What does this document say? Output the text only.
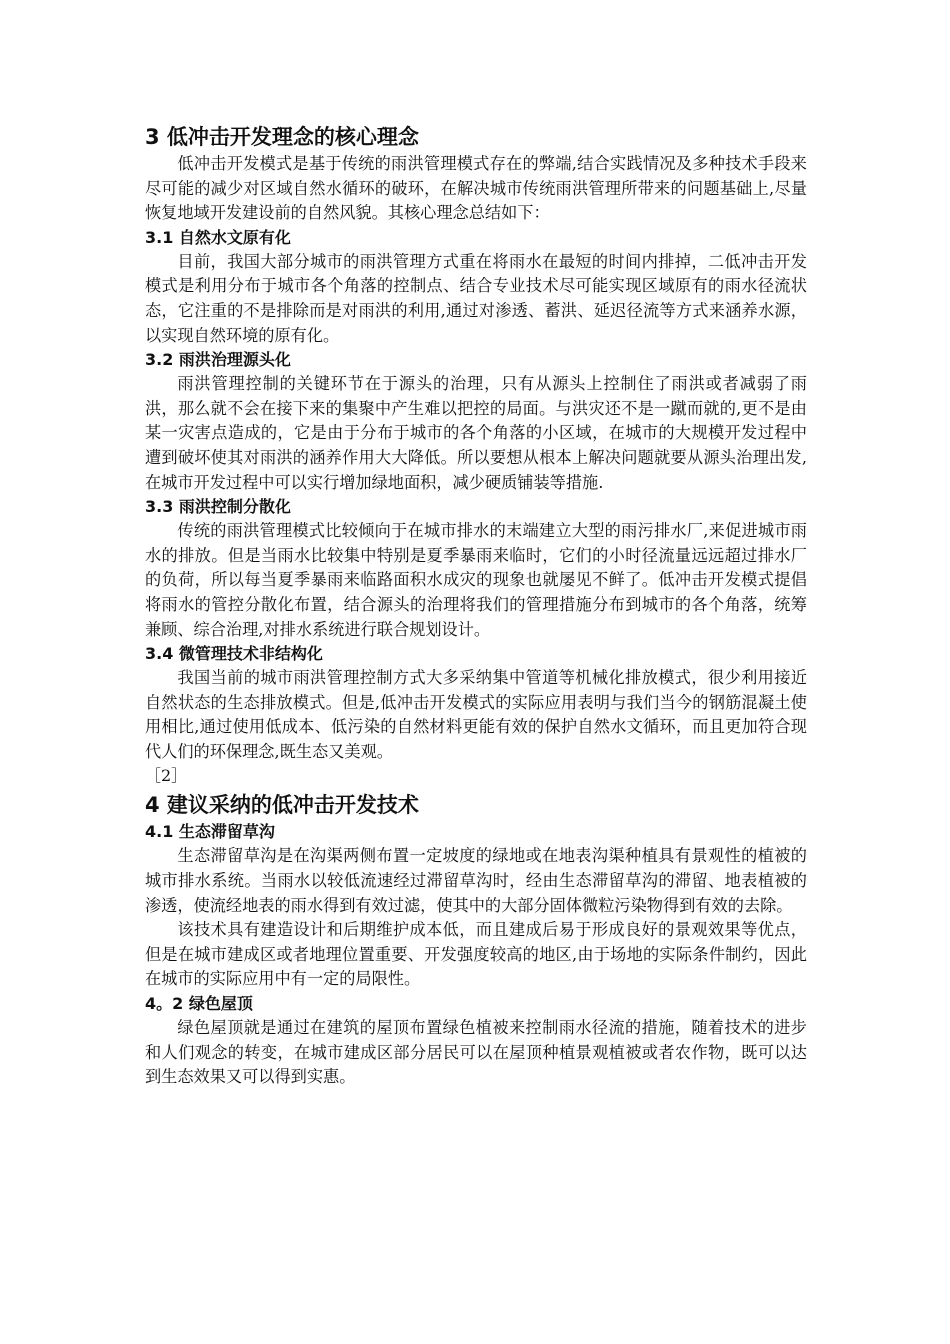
3 低冲击开发理念的核心理念

低冲击开发模式是基于传统的雨洪管理模式存在的弊端,结合实践情况及多种技术手段来尽可能的减少对区域自然水循环的破环，在解决城市传统雨洪管理所带来的问题基础上,尽量恢复地域开发建设前的自然风貌。其核心理念总结如下：

3.1 自然水文原有化

目前，我国大部分城市的雨洪管理方式重在将雨水在最短的时间内排掉，二低冲击开发模式是利用分布于城市各个角落的控制点、结合专业技术尽可能实现区域原有的雨水径流状态，它注重的不是排除而是对雨洪的利用,通过对渗透、蓄洪、延迟径流等方式来涵养水源，以实现自然环境的原有化。

3.2 雨洪治理源头化

雨洪管理控制的关键环节在于源头的治理，只有从源头上控制住了雨洪或者减弱了雨洪，那么就不会在接下来的集聚中产生难以把控的局面。与洪灾还不是一蹴而就的,更不是由某一灾害点造成的，它是由于分布于城市的各个角落的小区域，在城市的大规模开发过程中遭到破坏使其对雨洪的涵养作用大大降低。所以要想从根本上解决问题就要从源头治理出发,在城市开发过程中可以实行增加绿地面积，减少硬质铺装等措施.

3.3 雨洪控制分散化

传统的雨洪管理模式比较倾向于在城市排水的末端建立大型的雨污排水厂,来促进城市雨水的排放。但是当雨水比较集中特别是夏季暴雨来临时，它们的小时径流量远远超过排水厂的负荷，所以每当夏季暴雨来临路面积水成灾的现象也就屡见不鲜了。低冲击开发模式提倡将雨水的管控分散化布置，结合源头的治理将我们的管理措施分布到城市的各个角落，统筹兼顾、综合治理,对排水系统进行联合规划设计。

3.4 微管理技术非结构化

我国当前的城市雨洪管理控制方式大多采纳集中管道等机械化排放模式，很少利用接近自然状态的生态排放模式。但是,低冲击开发模式的实际应用表明与我们当今的钢筋混凝土使用相比,通过使用低成本、低污染的自然材料更能有效的保护自然水文循环，而且更加符合现代人们的环保理念,既生态又美观。

［2］
4 建议采纳的低冲击开发技术
4.1 生态滞留草沟

生态滞留草沟是在沟渠两侧布置一定坡度的绿地或在地表沟渠种植具有景观性的植被的城市排水系统。当雨水以较低流速经过滞留草沟时，经由生态滞留草沟的滞留、地表植被的渗透，使流经地表的雨水得到有效过滤，使其中的大部分固体微粒污染物得到有效的去除。

该技术具有建造设计和后期维护成本低，而且建成后易于形成良好的景观效果等优点，但是在城市建成区或者地理位置重要、开发强度较高的地区,由于场地的实际条件制约，因此在城市的实际应用中有一定的局限性。

4。2 绿色屋顶

绿色屋顶就是通过在建筑的屋顶布置绿色植被来控制雨水径流的措施，随着技术的进步和人们观念的转变，在城市建成区部分居民可以在屋顶种植景观植被或者农作物，既可以达到生态效果又可以得到实惠。
